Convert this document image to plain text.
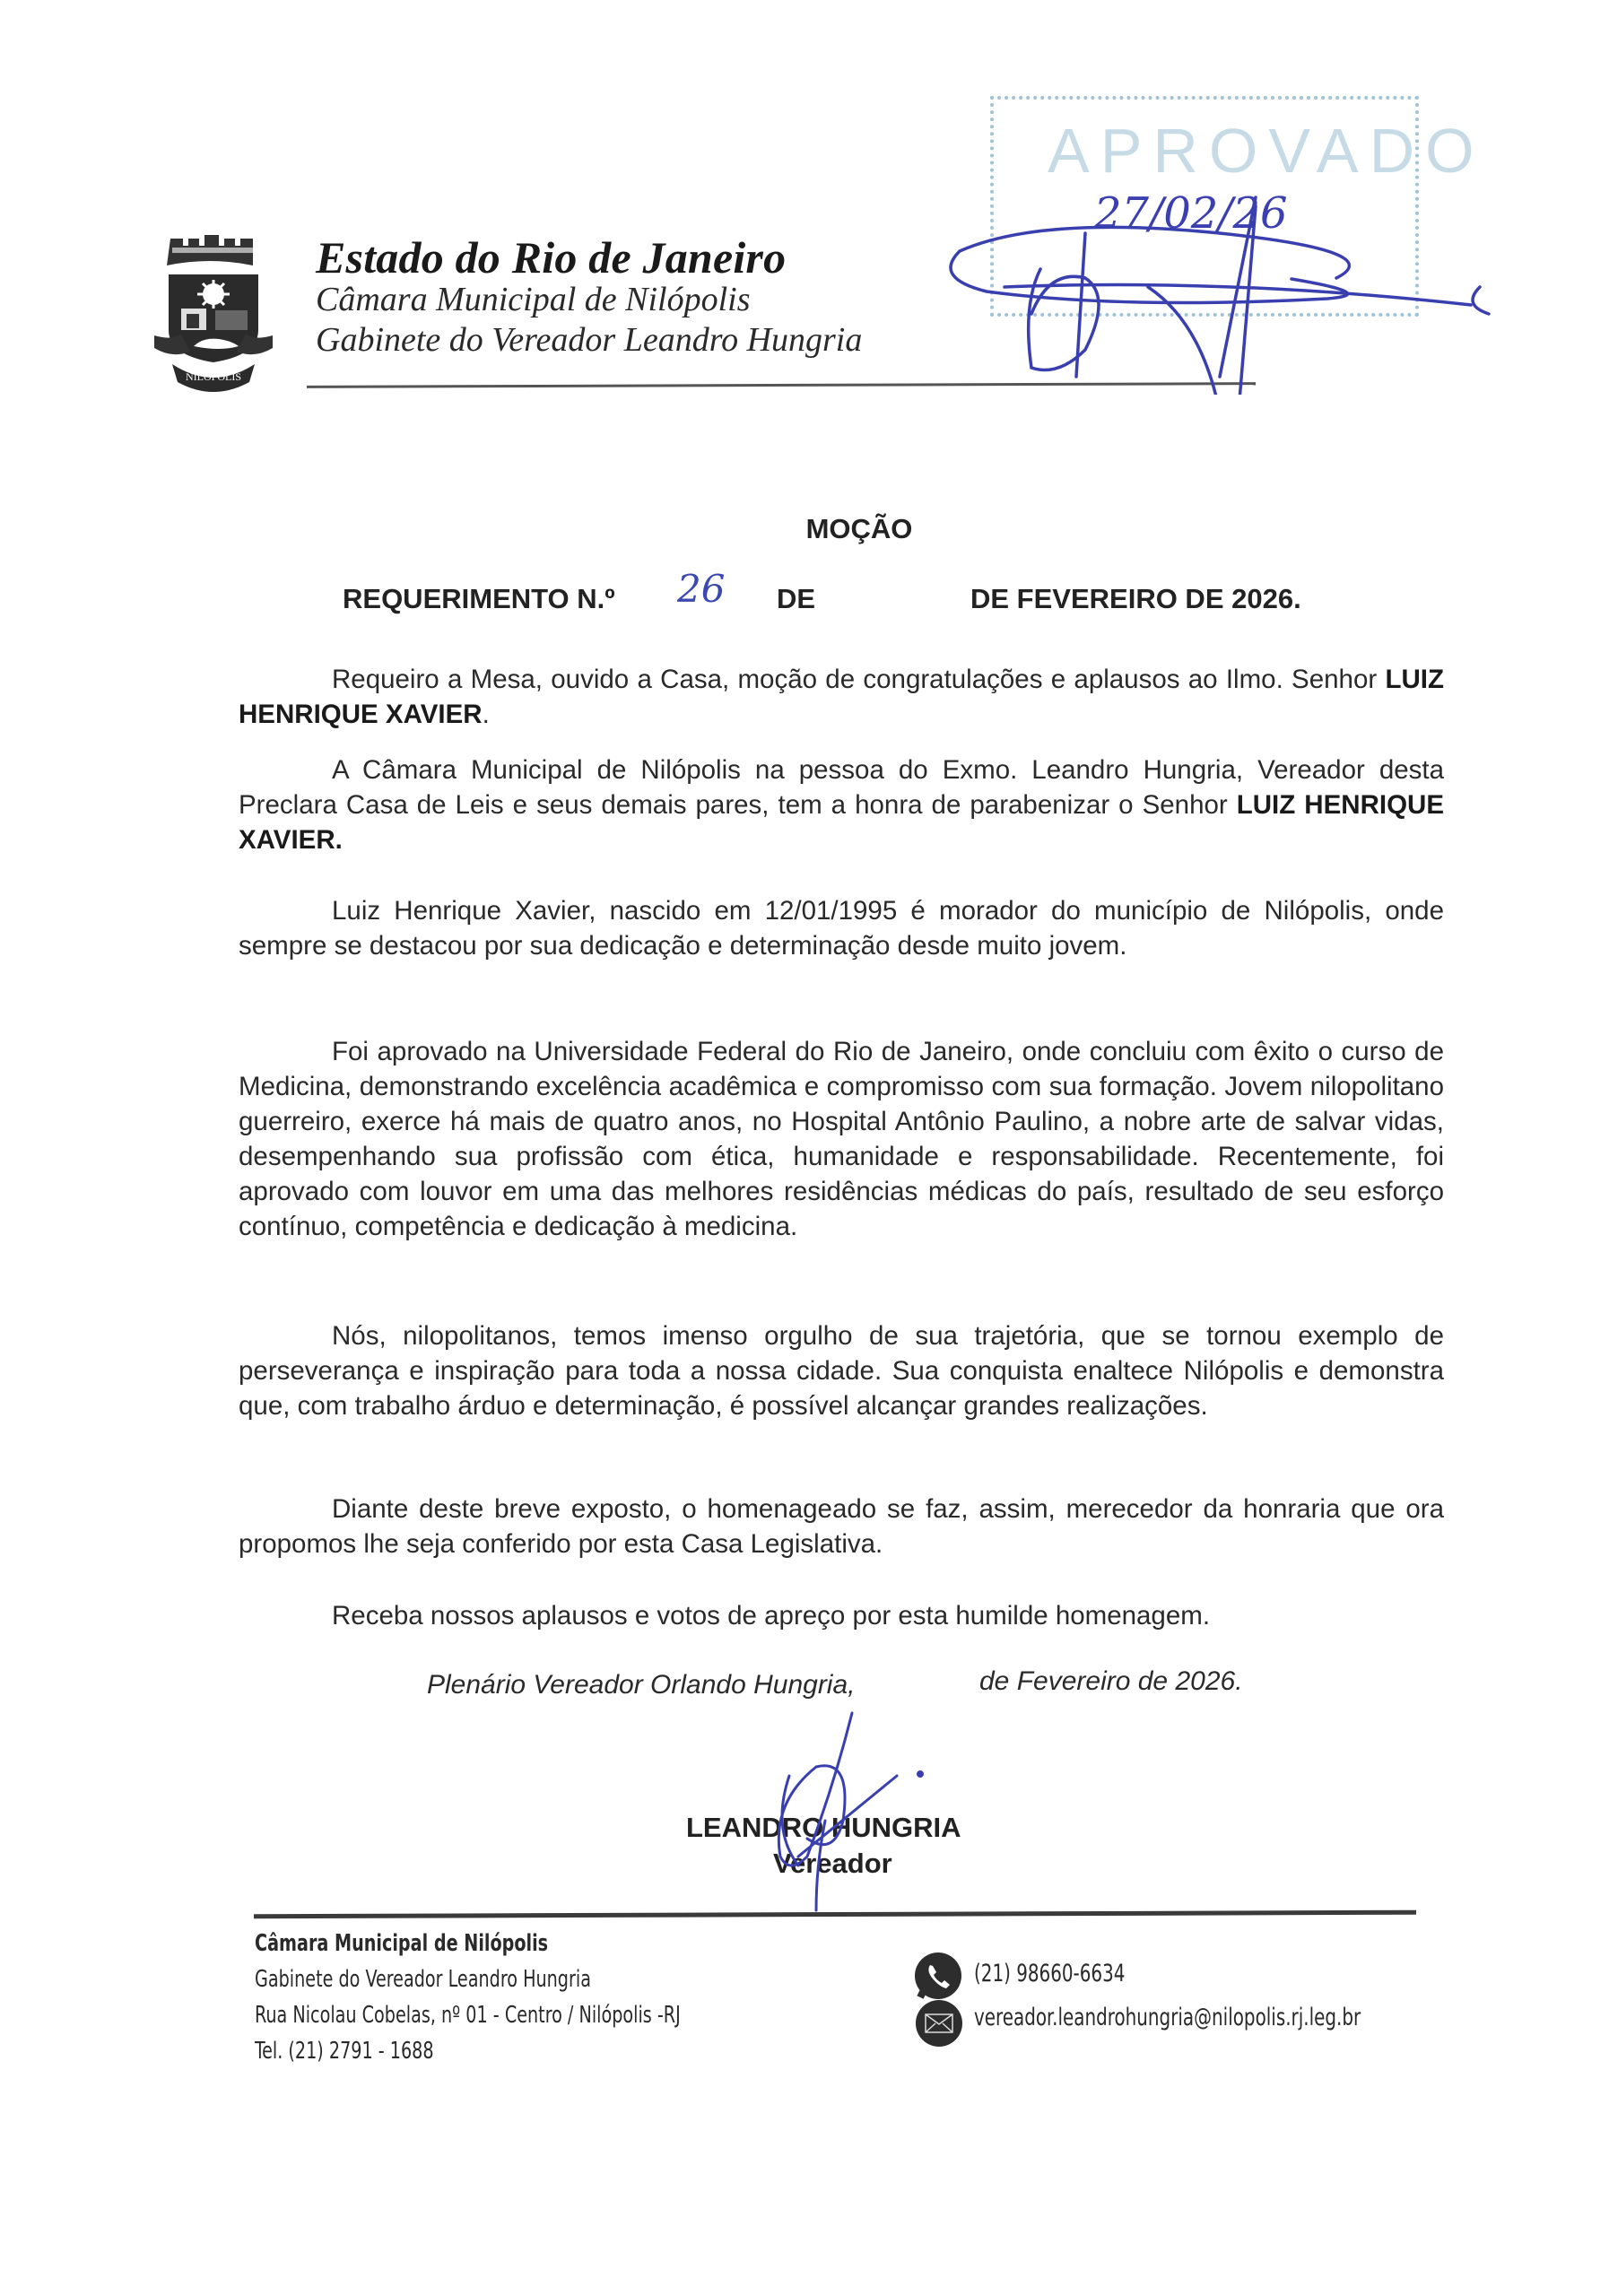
NILÓPOLIS
Estado do Rio de Janeiro
Câmara Municipal de Nilópolis
Gabinete do Vereador Leandro Hungria
APROVADO
27/02/26
MOÇÃO
REQUERIMENTO N.º 26 DE	DE FEVEREIRO DE 2026.
Requeiro a Mesa, ouvido a Casa, moção de congratulações e aplausos ao Ilmo. Senhor LUIZ HENRIQUE XAVIER.
A Câmara Municipal de Nilópolis na pessoa do Exmo. Leandro Hungria, Vereador desta Preclara Casa de Leis e seus demais pares, tem a honra de parabenizar o Senhor LUIZ HENRIQUE XAVIER.
Luiz Henrique Xavier, nascido em 12/01/1995 é morador do município de Nilópolis, onde sempre se destacou por sua dedicação e determinação desde muito jovem.
Foi aprovado na Universidade Federal do Rio de Janeiro, onde concluiu com êxito o curso de Medicina, demonstrando excelência acadêmica e compromisso com sua formação. Jovem nilopolitano guerreiro, exerce há mais de quatro anos, no Hospital Antônio Paulino, a nobre arte de salvar vidas, desempenhando sua profissão com ética, humanidade e responsabilidade. Recentemente, foi aprovado com louvor em uma das melhores residências médicas do país, resultado de seu esforço contínuo, competência e dedicação à medicina.
Nós, nilopolitanos, temos imenso orgulho de sua trajetória, que se tornou exemplo de perseverança e inspiração para toda a nossa cidade. Sua conquista enaltece Nilópolis e demonstra que, com trabalho árduo e determinação, é possível alcançar grandes realizações.
Diante deste breve exposto, o homenageado se faz, assim, merecedor da honraria que ora propomos lhe seja conferido por esta Casa Legislativa.
Receba nossos aplausos e votos de apreço por esta humilde homenagem.
Plenário Vereador Orlando Hungria,	de Fevereiro de 2026.
LEANDRO HUNGRIA
Vereador
Câmara Municipal de Nilópolis
Gabinete do Vereador Leandro Hungria
Rua Nicolau Cobelas, nº 01 - Centro / Nilópolis -RJ
Tel. (21) 2791 - 1688
(21) 98660-6634
vereador.leandrohungria@nilopolis.rj.leg.br
